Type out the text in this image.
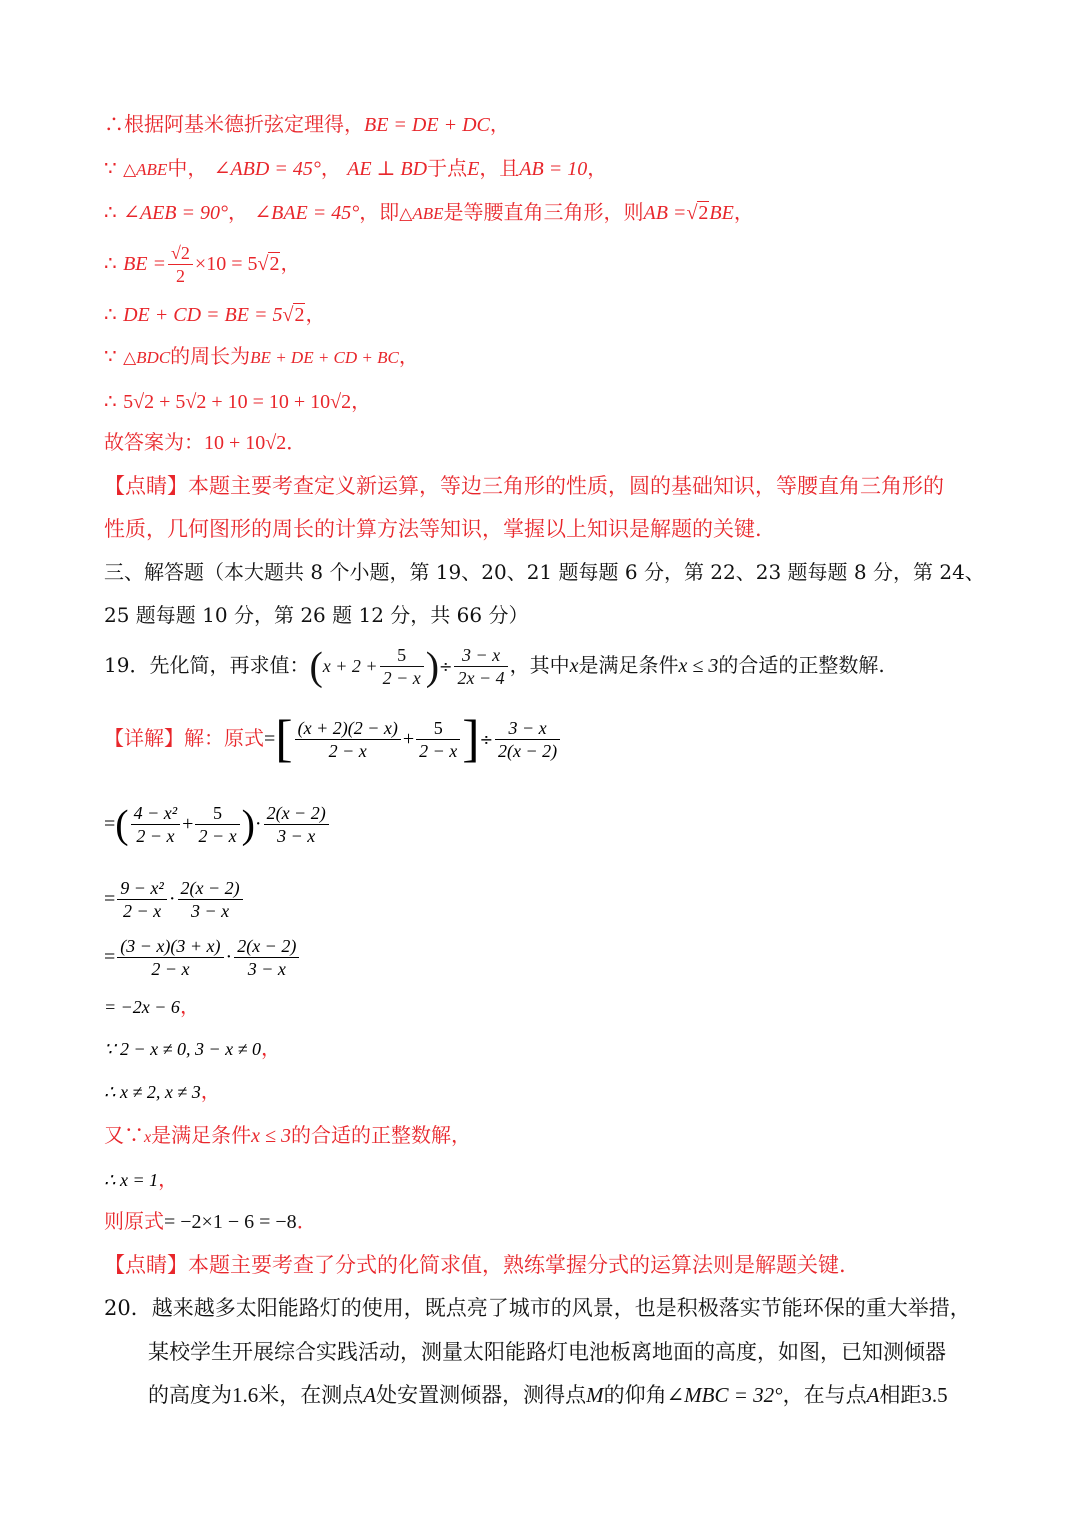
∴根据阿基米德折弦定理得，BE = DE + DC，
∵ △ABE中， ∠ABD = 45°， AE ⊥ BD于点E，且AB = 10，
∴ ∠AEB = 90°， ∠BAE = 45°，即△ABE是等腰直角三角形，则AB =√2BE，
∴ BE = $\frac{√2}{2} \times 10 = 5√2$，
∴ DE + CD = BE = 5√2，
∵ △BDC的周长为BE + DE + CD + BC，
∴ 5√2 + 5√2 + 10 = 10 + 10√2，
故答案为：10 + 10√2．
【点睛】本题主要考查定义新运算，等边三角形的性质，圆的基础知识，等腰直角三角形的
性质，几何图形的周长的计算方法等知识，掌握以上知识是解题的关键.
三、解答题（本大题共 8 个小题，第 19、20、21 题每题 6 分，第 22、23 题每题 8 分，第 24、
25 题每题 10 分，第 26 题 12 分，共 66 分）
19．先化简，再求值：($x + 2 + \frac{5}{2 - x}$ )÷ $\frac{3 - x}{2x - 4}$ ，其中x是满足条件x ≤ 3的合适的正整数解.
【详解】解：原式=[ $\frac{(x + 2)(2 - x)}{2 - x} + \frac{5}{2 - x}$ ]÷ $\frac{3 - x}{2(x - 2)}$
=( $\frac{\text{4 − x²}}{2 - x} + \frac{5}{2 - x}$ )· $\frac{2(x - 2)}{3 - x}$
= $\frac{\text{9 − x²}}{2 - x} \cdot \frac{2(x - 2)}{3 - x}$
= $\frac{(3 - x)(3 + x)}{2 - x} \cdot \frac{2(x - 2)}{3 - x}$
= −2x − 6，
∵ 2 − x ≠ 0, 3 − x ≠ 0，
∴ x ≠ 2, x ≠ 3，
又∵x是满足条件x ≤ 3的合适的正整数解，
∴ x = 1，
则原式= −2×1 − 6 = −8．
【点睛】本题主要考查了分式的化简求值，熟练掌握分式的运算法则是解题关键.
20．越来越多太阳能路灯的使用，既点亮了城市的风景，也是积极落实节能环保的重大举措，
某校学生开展综合实践活动，测量太阳能路灯电池板离地面的高度，如图，已知测倾器
的高度为1.6米，在测点A处安置测倾器，测得点M的仰角∠MBC = 32°，在与点A相距3.5
